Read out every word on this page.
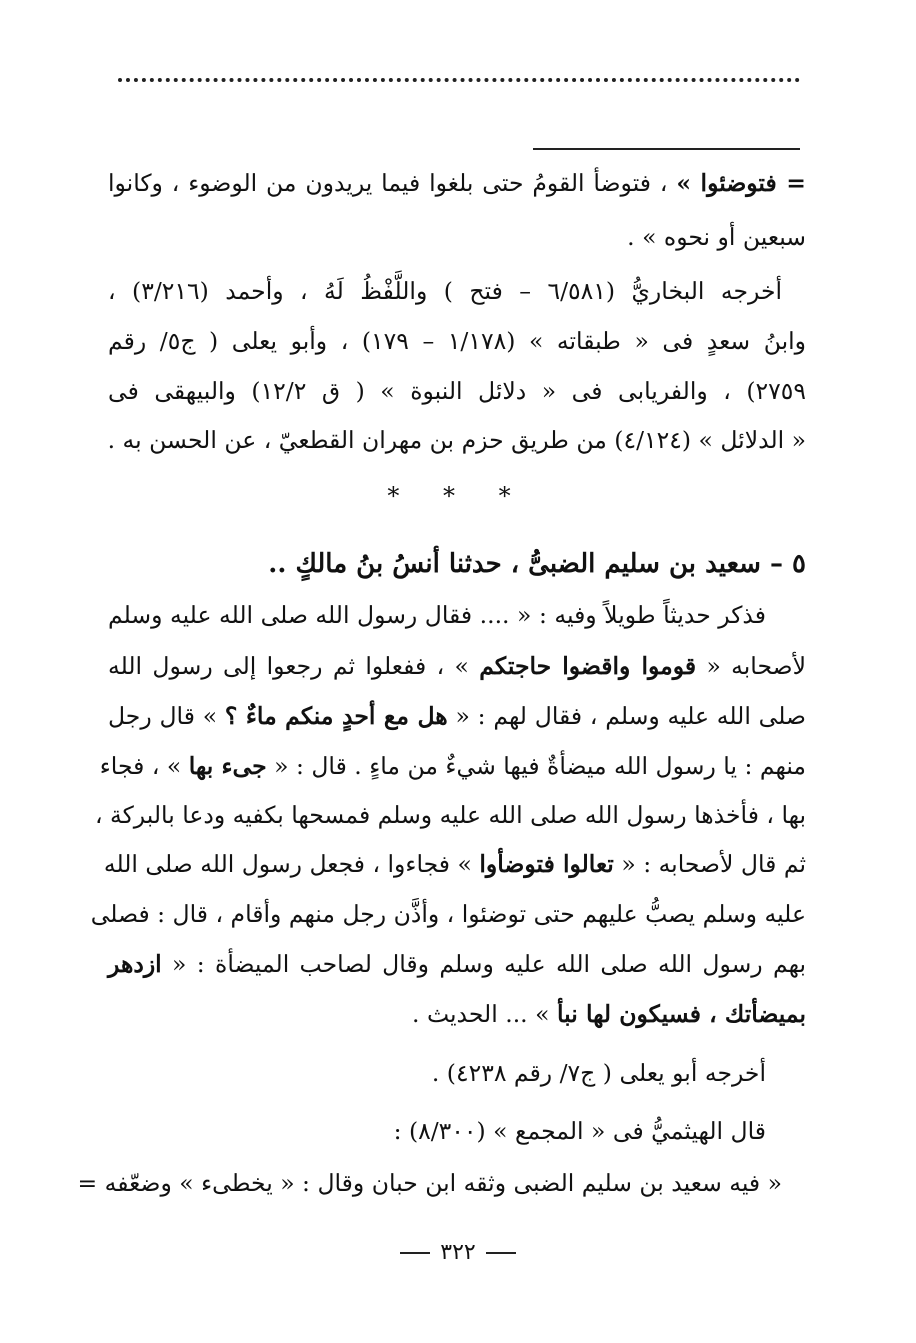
= فتوضئوا » ، فتوضأ القومُ حتى بلغوا فيما يريدون من الوضوء ، وكانوا
سبعين أو نحوه » .
أخرجه البخاريُّ (٦/٥٨١ – فتح ) واللَّفْظُ لَهُ ، وأحمد (٣/٢١٦) ،
وابنُ سعدٍ فى « طبقاته » (١/١٧٨ – ١٧٩) ، وأبو يعلى ( ج٥/ رقم
٢٧٥٩) ، والفريابى فى « دلائل النبوة » ( ق ١٢/٢) والبيهقى فى
« الدلائل » (٤/١٢٤) من طريق حزم بن مهران القطعيّ ، عن الحسن به .
* * *
٥ – سعيد بن سليم الضبىُّ ، حدثنا أنسُ بنُ مالكٍ ..
فذكر حديثاً طويلاً وفيه : « .... فقال رسول الله صلى الله عليه وسلم
لأصحابه « قوموا واقضوا حاجتكم » ، ففعلوا ثم رجعوا إلى رسول الله
صلى الله عليه وسلم ، فقال لهم : « هل مع أحدٍ منكم ماءٌ ؟ » قال رجل
منهم : يا رسول الله ميضأةٌ فيها شيءٌ من ماءٍ . قال : « جىء بها » ، فجاء
بها ، فأخذها رسول الله صلى الله عليه وسلم فمسحها بكفيه ودعا بالبركة ،
ثم قال لأصحابه : « تعالوا فتوضأوا » فجاءوا ، فجعل رسول الله صلى الله
عليه وسلم يصبُّ عليهم حتى توضئوا ، وأذَّن رجل منهم وأقام ، قال : فصلى
بهم رسول الله صلى الله عليه وسلم وقال لصاحب الميضأة : « ازدهر
بميضأتك ، فسيكون لها نبأ » ... الحديث .
أخرجه أبو يعلى ( ج٧/ رقم ٤٢٣٨) .
قال الهيثميُّ فى « المجمع » (٨/٣٠٠) :
« فيه سعيد بن سليم الضبى وثقه ابن حبان وقال : « يخطىء » وضعّفه =
٣٢٢
